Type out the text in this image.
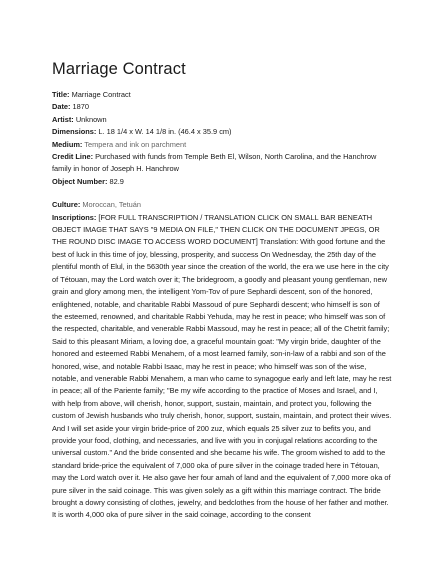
Marriage Contract
Title: Marriage Contract
Date: 1870
Artist: Unknown
Dimensions: L. 18 1/4 x W. 14 1/8 in. (46.4 x 35.9 cm)
Medium: Tempera and ink on parchment
Credit Line: Purchased with funds from Temple Beth El, Wilson, North Carolina, and the Hanchrow family in honor of Joseph H. Hanchrow
Object Number: 82.9
Culture: Moroccan, Tetuán
Inscriptions: [FOR FULL TRANSCRIPTION / TRANSLATION CLICK ON SMALL BAR BENEATH OBJECT IMAGE THAT SAYS "9 MEDIA ON FILE," THEN CLICK ON THE DOCUMENT JPEGS, OR THE ROUND DISC IMAGE TO ACCESS WORD DOCUMENT] Translation: With good fortune and the best of luck in this time of joy, blessing, prosperity, and success On Wednesday, the 25th day of the plentiful month of Elul, in the 5630th year since the creation of the world, the era we use here in the city of Tétouan, may the Lord watch over it; The bridegroom, a goodly and pleasant young gentleman, new grain and glory among men, the intelligent Yom-Tov of pure Sephardi descent, son of the honored, enlightened, notable, and charitable Rabbi Massoud of pure Sephardi descent; who himself is son of the esteemed, renowned, and charitable Rabbi Yehuda, may he rest in peace; who himself was son of the respected, charitable, and venerable Rabbi Massoud, may he rest in peace; all of the Chetrit family; Said to this pleasant Miriam, a loving doe, a graceful mountain goat: "My virgin bride, daughter of the honored and esteemed Rabbi Menahem, of a most learned family, son-in-law of a rabbi and son of the honored, wise, and notable Rabbi Isaac, may he rest in peace; who himself was son of the wise, notable, and venerable Rabbi Menahem, a man who came to synagogue early and left late, may he rest in peace; all of the Pariente family; "Be my wife according to the practice of Moses and Israel, and I, with help from above, will cherish, honor, support, sustain, maintain, and protect you, following the custom of Jewish husbands who truly cherish, honor, support, sustain, maintain, and protect their wives. And I will set aside your virgin bride-price of 200 zuz, which equals 25 silver zuz to befits you, and provide your food, clothing, and necessaries, and live with you in conjugal relations according to the universal custom." And the bride consented and she became his wife. The groom wished to add to the standard bride-price the equivalent of 7,000 oka of pure silver in the coinage traded here in Tétouan, may the Lord watch over it. He also gave her four amah of land and the equivalent of 7,000 more oka of pure silver in the said coinage. This was given solely as a gift within this marriage contract. The bride brought a dowry consisting of clothes, jewelry, and bedclothes from the house of her father and mother. It is worth 4,000 oka of pure silver in the said coinage, according to the consent
